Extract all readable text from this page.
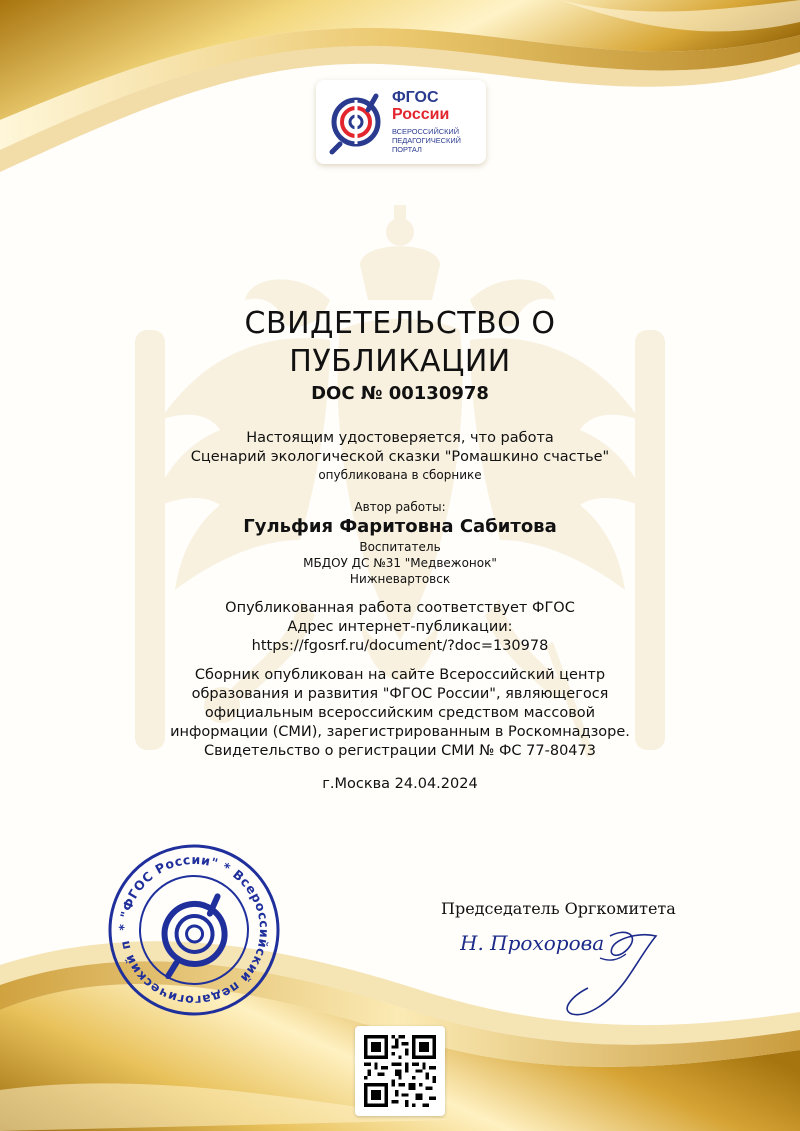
ФГОС
России
ВСЕРОССИЙСКИЙ
ПЕДАГОГИЧЕСКИЙ
ПОРТАЛ
СВИДЕТЕЛЬСТВО О ПУБЛИКАЦИИ
DOC № 00130978
Настоящим удостоверяется, что работа
Сценарий экологической сказки "Ромашкино счастье"
опубликована в сборнике
Автор работы:
Гульфия Фаритовна Сабитова
Воспитатель
МБДОУ ДС №31 "Медвежонок"
Нижневартовск
Опубликованная работа соответствует ФГОС
Адрес интернет-публикации:
https://fgosrf.ru/document/?doc=130978
Сборник опубликован на сайте Всероссийский центр образования и развития "ФГОС России", являющегося официальным всероссийским средством массовой информации (СМИ), зарегистрированным в Роскомнадзоре. Свидетельство о регистрации СМИ № ФС 77-80473
г.Москва 24.04.2024
* "ФГОС России" * Всероссийский педагогический портал
Председатель Оргкомитета
Н. Прохорова
